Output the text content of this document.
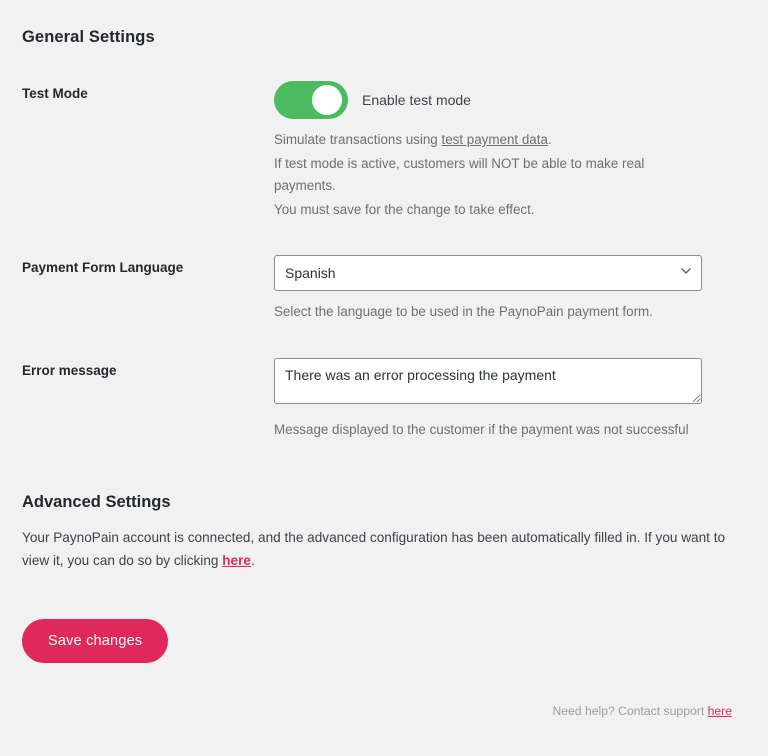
General Settings
Test Mode	Enable test mode
Simulate transactions using test payment data.
If test mode is active, customers will NOT be able to make real payments.
You must save for the change to take effect.
Payment Form Language
Spanish
Select the language to be used in the PaynoPain payment form.
Error message
There was an error processing the payment
Message displayed to the customer if the payment was not successful
Advanced Settings

Your PaynoPain account is connected, and the advanced configuration has been automatically filled in. If you want to view it, you can do so by clicking here.

Save changes
Need help? Contact support here
